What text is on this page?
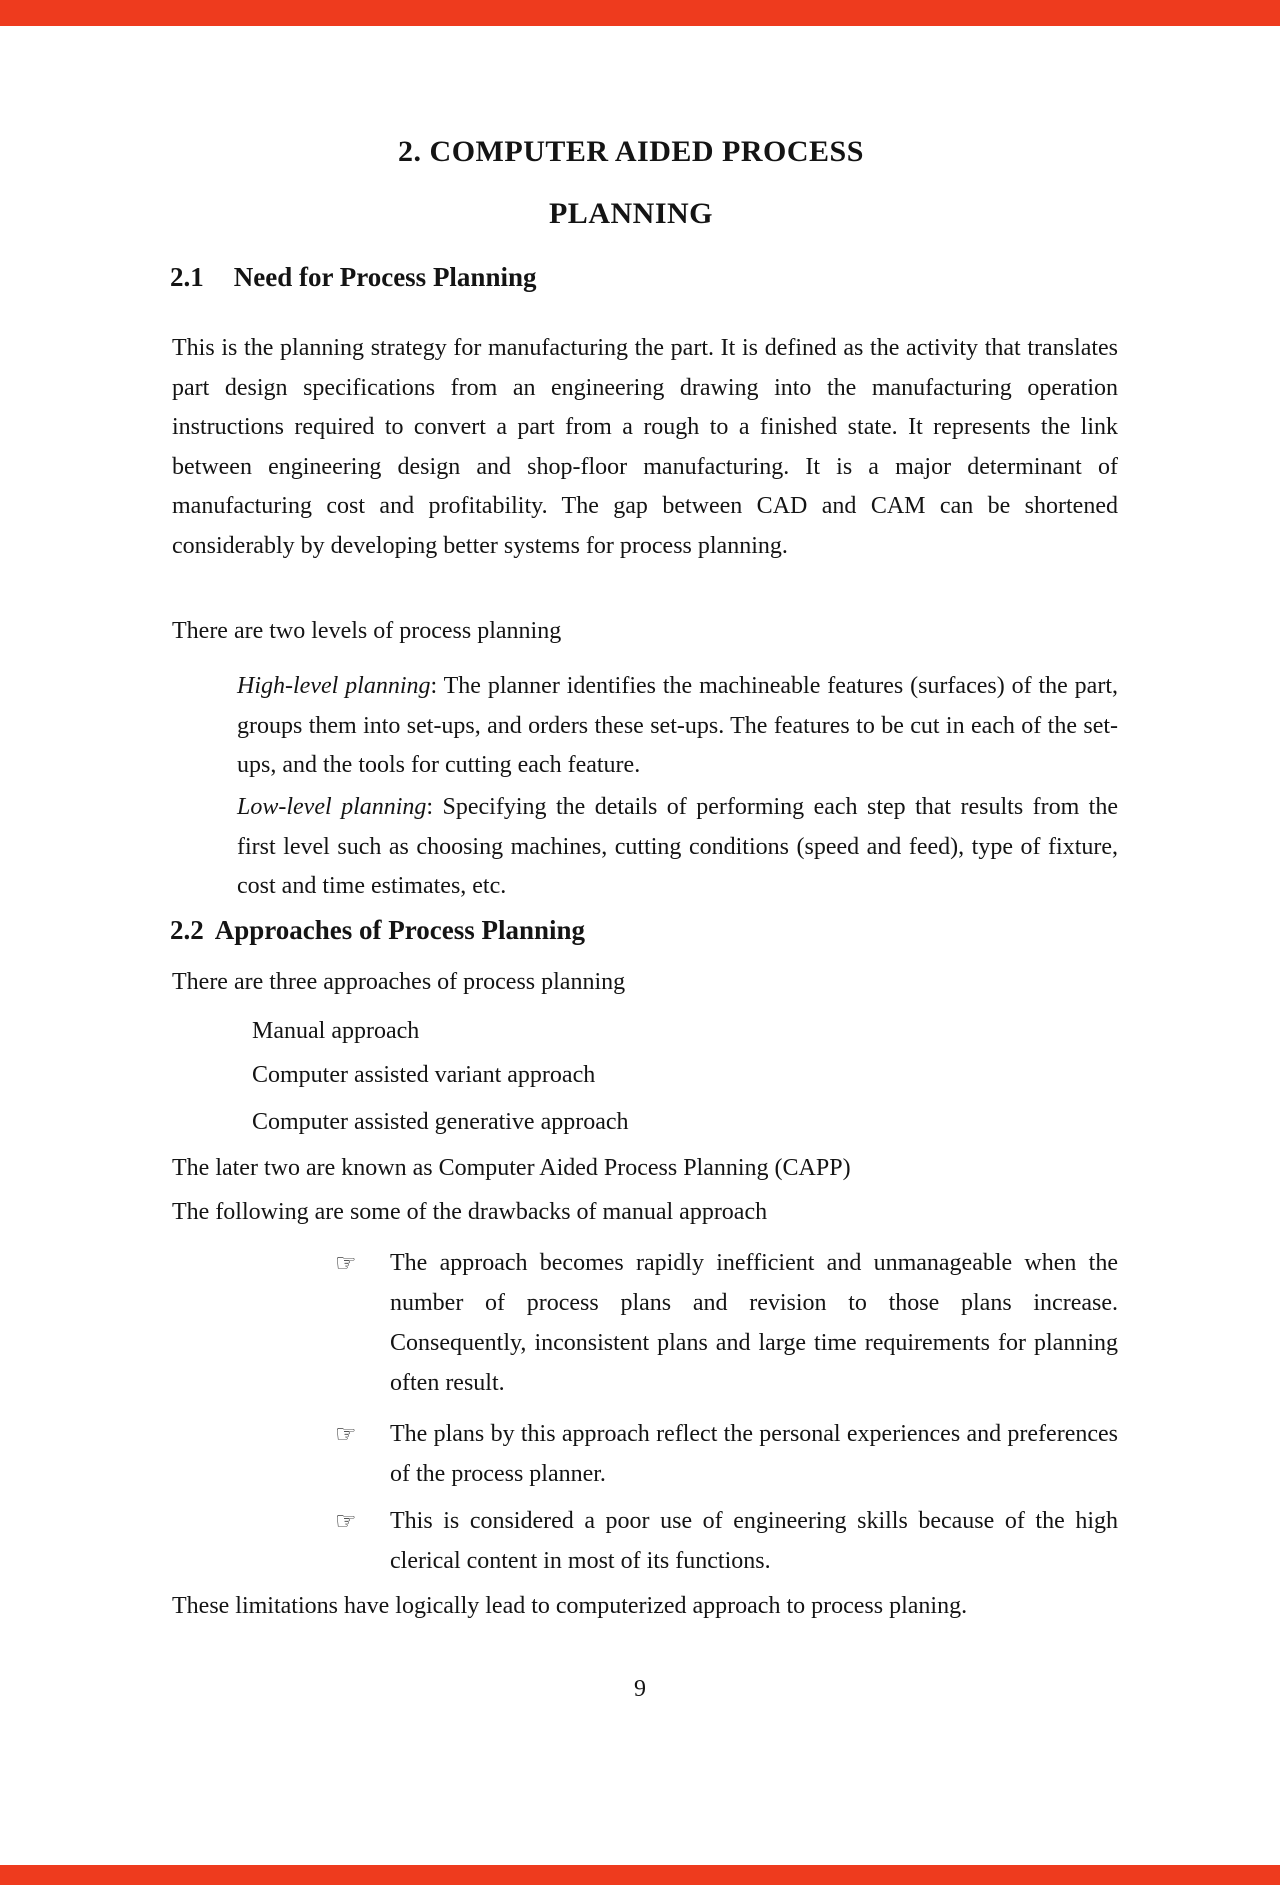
2. COMPUTER AIDED PROCESS
PLANNING
2.1 Need for Process Planning

This is the planning strategy for manufacturing the part. It is defined as the activity that translates part design specifications from an engineering drawing into the manufacturing operation instructions required to convert a part from a rough to a finished state. It represents the link between engineering design and shop-floor manufacturing. It is a major determinant of manufacturing cost and profitability. The gap between CAD and CAM can be shortened considerably by developing better systems for process planning.

There are two levels of process planning

High-level planning: The planner identifies the machineable features (surfaces) of the part, groups them into set-ups, and orders these set-ups. The features to be cut in each of the set-ups, and the tools for cutting each feature.

Low-level planning: Specifying the details of performing each step that results from the first level such as choosing machines, cutting conditions (speed and feed), type of fixture, cost and time estimates, etc.

2.2 Approaches of Process Planning

There are three approaches of process planning

Manual approach

Computer assisted variant approach

Computer assisted generative approach

The later two are known as Computer Aided Process Planning (CAPP)

The following are some of the drawbacks of manual approach

☞	The approach becomes rapidly inefficient and unmanageable when the number of process plans and revision to those plans increase. Consequently, inconsistent plans and large time requirements for planning often result.
☞	The plans by this approach reflect the personal experiences and preferences of the process planner.
☞	This is considered a poor use of engineering skills because of the high clerical content in most of its functions.

These limitations have logically lead to computerized approach to process planing.

9
